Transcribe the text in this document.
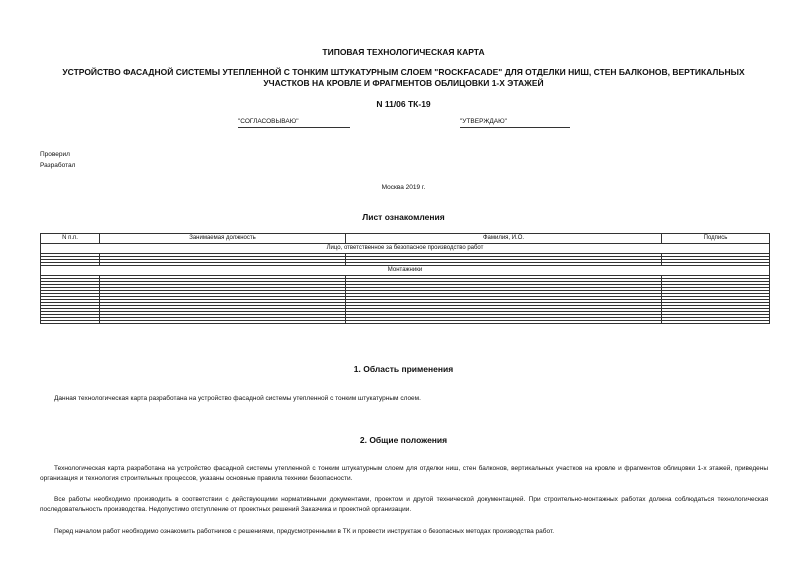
ТИПОВАЯ ТЕХНОЛОГИЧЕСКАЯ КАРТА
УСТРОЙСТВО ФАСАДНОЙ СИСТЕМЫ УТЕПЛЕННОЙ С ТОНКИМ ШТУКАТУРНЫМ СЛОЕМ "ROCKFACADE" ДЛЯ ОТДЕЛКИ НИШ, СТЕН БАЛКОНОВ, ВЕРТИКАЛЬНЫХ УЧАСТКОВ НА КРОВЛЕ И ФРАГМЕНТОВ ОБЛИЦОВКИ 1-Х ЭТАЖЕЙ
N 11/06 ТК-19
"СОГЛАСОВЫВАЮ"	"УТВЕРЖДАЮ"
Проверил
Разработал
Москва 2019 г.
Лист ознакомления
N п.п.	Занимаемая должность	Фамилия, И.О.	Подпись
Лицо, ответственное за безопасное производство работ			

Монтажники			

1. Область применения
Данная технологическая карта разработана на устройство фасадной системы утепленной с тонким штукатурным слоем.
2. Общие положения
Технологическая карта разработана на устройство фасадной системы утепленной с тонким штукатурным слоем для отделки ниш, стен балконов, вертикальных участков на кровле и фрагментов облицовки 1-х этажей, приведены организация и технология строительных процессов, указаны основные правила техники безопасности.
Все работы необходимо производить в соответствии с действующими нормативными документами, проектом и другой технической документацией. При строительно-монтажных работах должна соблюдаться технологическая последовательность производства. Недопустимо отступление от проектных решений Заказчика и проектной организации.
Перед началом работ необходимо ознакомить работников с решениями, предусмотренными в ТК и провести инструктаж о безопасных методах производства работ.
